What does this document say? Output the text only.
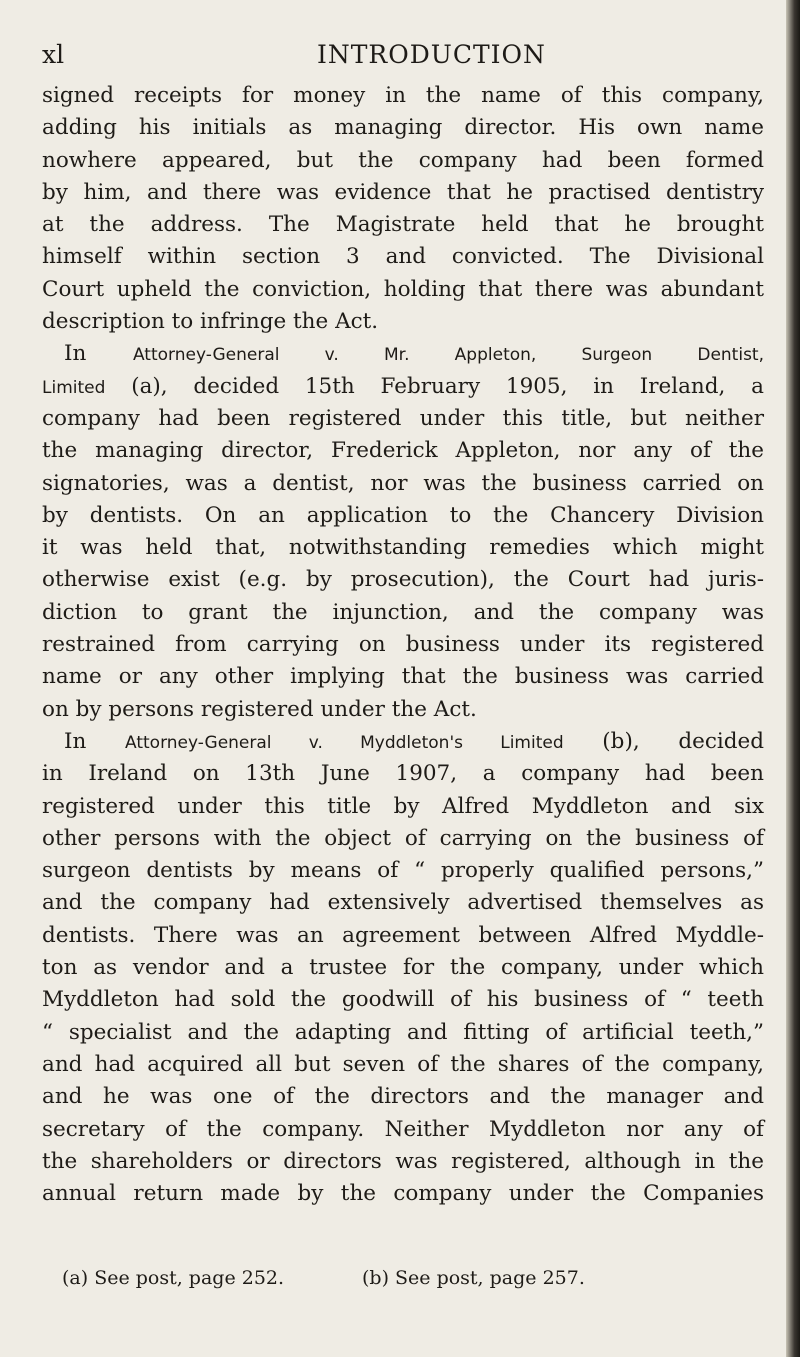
xl	INTRODUCTION
signed receipts for money in the name of this company,
adding his initials as managing director. His own name
nowhere appeared, but the company had been formed
by him, and there was evidence that he practised dentistry
at the address. The Magistrate held that he brought
himself within section 3 and convicted. The Divisional
Court upheld the conviction, holding that there was abundant
description to infringe the Act.
In	Attorney-General v. Mr. Appleton, Surgeon Dentist,
Limited (a), decided 15th February 1905, in Ireland, a
company had been registered under this title, but neither
the managing director, Frederick Appleton, nor any of the
signatories, was a dentist, nor was the business carried on
by dentists. On an application to the Chancery Division
it was held that, notwithstanding remedies which might
otherwise exist (e.g. by prosecution), the Court had juris-
diction to grant the injunction, and the company was
restrained from carrying on business under its registered
name or any other implying that the business was carried
on by persons registered under the Act.
In Attorney-General v. Myddleton's Limited (b), decided
in Ireland on 13th June 1907, a company had been
registered under this title by Alfred Myddleton and six
other persons with the object of carrying on the business of
surgeon dentists by means of “ properly qualified persons,”
and the company had extensively advertised themselves as
dentists. There was an agreement between Alfred Myddle-
ton as vendor and a trustee for the company, under which
Myddleton had sold the goodwill of his business of “ teeth
“ specialist and the adapting and fitting of artificial teeth,”
and had acquired all but seven of the shares of the company,
and he was one of the directors and the manager and
secretary of the company. Neither Myddleton nor any of
the shareholders or directors was registered, although in the
annual return made by the company under the Companies
(a) See post, page 252.	(b) See post, page 257.
